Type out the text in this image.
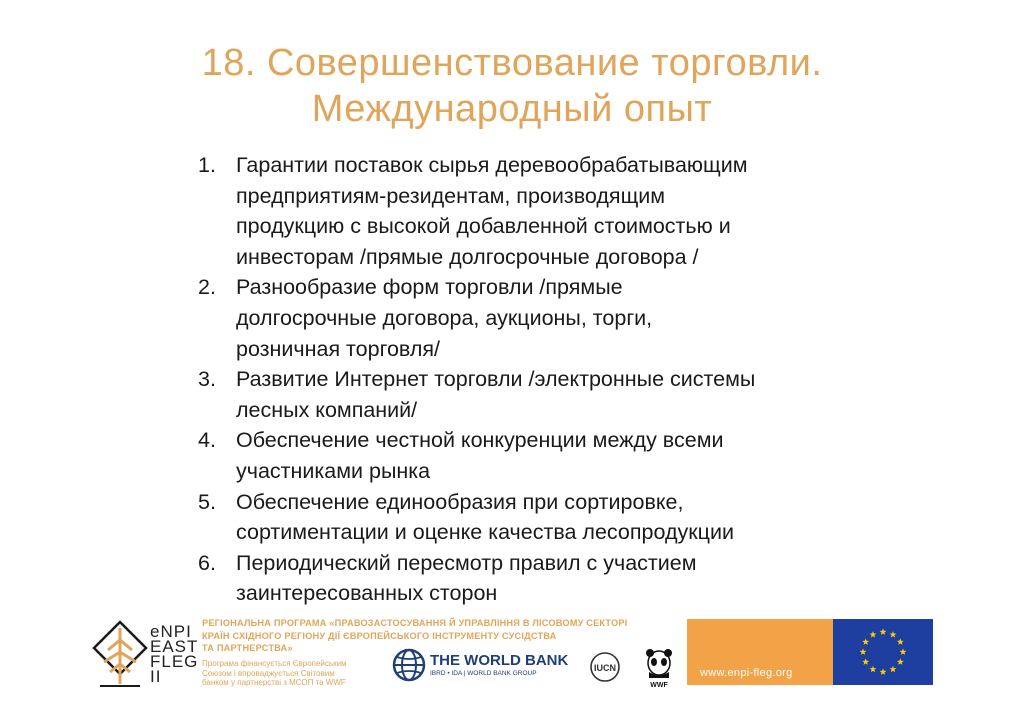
18. Совершенствование торговли.
Международный опыт
1. Гарантии поставок сырья деревообрабатывающим
предприятиям-резидентам, производящим
продукцию с высокой добавленной стоимостью и
инвесторам /прямые долгосрочные договора /
2. Разнообразие форм торговли /прямые
долгосрочные договора, аукционы, торги,
розничная торговля/
3. Развитие Интернет торговли /электронные системы
лесных компаний/
4. Обеспечение честной конкуренции между всеми
участниками рынка
5. Обеспечение единообразия при сортировке,
сортиментации и оценке качества лесопродукции
6. Периодический пересмотр правил с участием
заинтересованных сторон
eNPI
EAST
FLEG
II
РЕГІОНАЛЬНА ПРОГРАМА «ПРАВОЗАСТОСУВАННЯ Й УПРАВЛІННЯ В ЛІСОВОМУ СЕКТОРІ
КРАЇН СХІДНОГО РЕГІОНУ ДІЇ ЄВРОПЕЙСЬКОГО ІНСТРУМЕНТУ СУСІДСТВА
ТА ПАРТНЕРСТВА»
Програма фінансується Європейським
Союзом і впроваджується Світовим
банком у партнерстві з МСОП та WWF
THE WORLD BANK
IBRD • IDA | WORLD BANK GROUP
IUCN
WWF
www.enpi-fleg.org
